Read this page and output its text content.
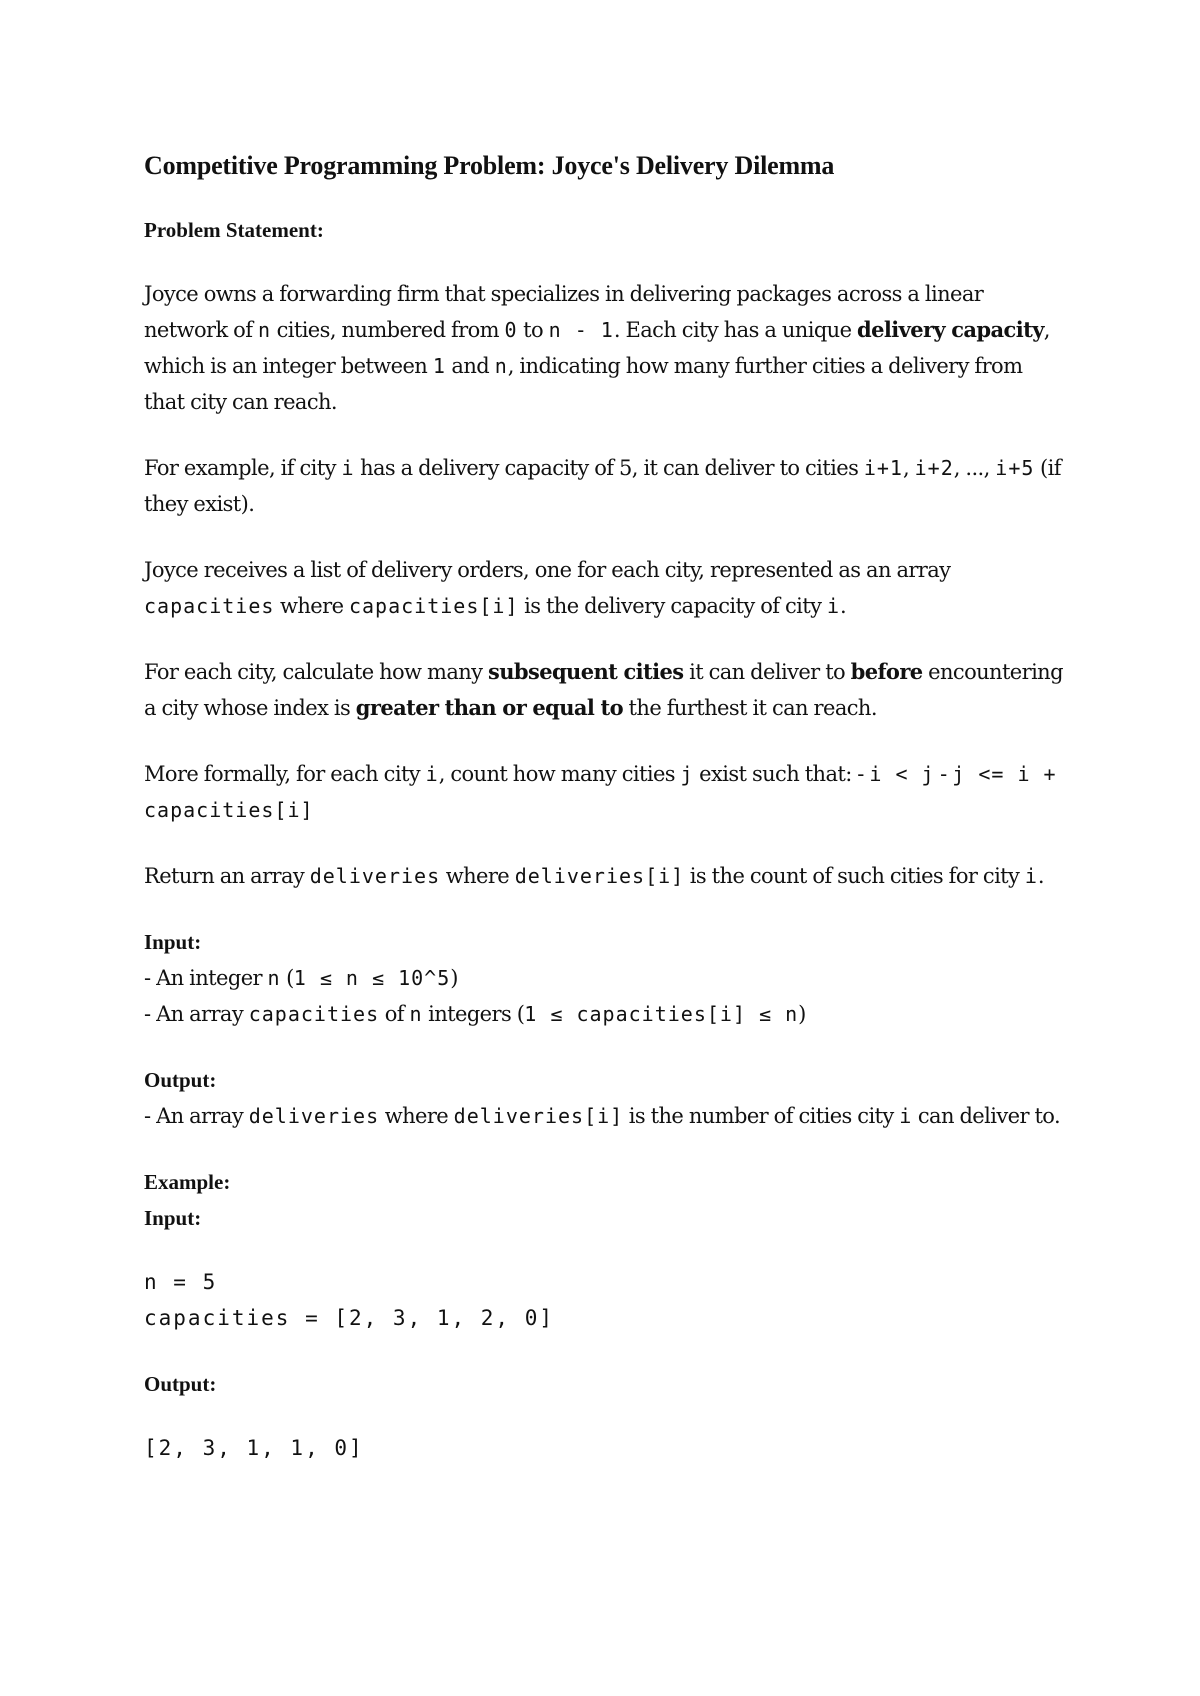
Competitive Programming Problem: Joyce's Delivery Dilemma
Problem Statement:

Joyce owns a forwarding firm that specializes in delivering packages across a linear network of n cities, numbered from 0 to n - 1. Each city has a unique delivery capacity, which is an integer between 1 and n, indicating how many further cities a delivery from that city can reach.

For example, if city i has a delivery capacity of 5, it can deliver to cities i+1, i+2, ..., i+5 (if they exist).

Joyce receives a list of delivery orders, one for each city, represented as an array capacities where capacities[i] is the delivery capacity of city i.

For each city, calculate how many subsequent cities it can deliver to before encountering a city whose index is greater than or equal to the furthest it can reach.

More formally, for each city i, count how many cities j exist such that: - i < j - j <= i + capacities[i]

Return an array deliveries where deliveries[i] is the count of such cities for city i.

Input:

- An integer n (1 ≤ n ≤ 10^5)

- An array capacities of n integers (1 ≤ capacities[i] ≤ n)

Output:

- An array deliveries where deliveries[i] is the number of cities city i can deliver to.

Example:
Input:
n = 5
capacities = [2, 3, 1, 2, 0]
Output:
[2, 3, 1, 1, 0]
